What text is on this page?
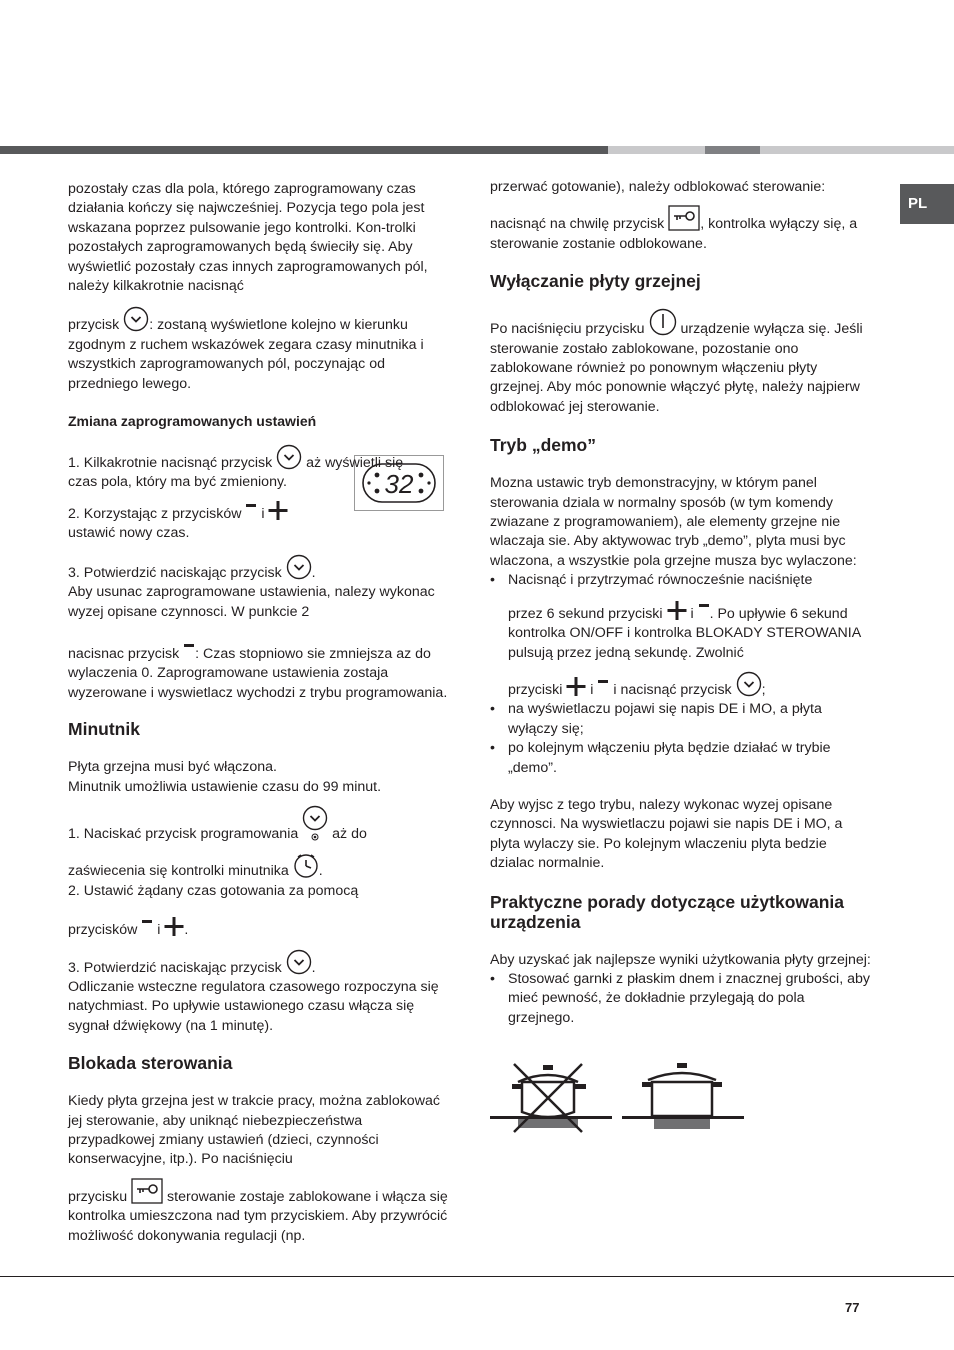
PL
32

pozostały czas dla pola, którego zaprogramowany czas działania kończy się najwcześniej. Pozycja tego pola jest wskazana poprzez pulsowanie jego kontrolki. Kon-trolki pozostałych zaprogramowanych będą świeciły się. Aby wyświetlić pozostały czas innych zaprogramowanych pól, należy kilkakrotnie nacisnąć

przycisk : zostaną wyświetlone kolejno w kierunku zgodnym z ruchem wskazówek zegara czasy minutnika i wszystkich zaprogramowanych pól, poczynając od przedniego lewego.

Zmiana zaprogramowanych ustawień

1. Kilkakrotnie nacisnąć przycisk aż wyświetli się czas pola, który ma być zmieniony.

2. Korzystając z przycisków i

ustawić nowy czas.

3. Potwierdzić naciskając przycisk .

Aby usunac zaprogramowane ustawienia, nalezy wykonac wyzej opisane czynnosci. W punkcie 2

nacisnac przycisk : Czas stopniowo sie zmniejsza az do wylaczenia 0. Zaprogramowane ustawienia zostaja wyzerowane i wyswietlacz wychodzi z trybu programowania.

Minutnik

Płyta grzejna musi być włączona.

Minutnik umożliwia ustawienie czasu do 99 minut.

1. Naciskać przycisk programowania aż do

zaświecenia się kontrolki minutnika .

2. Ustawić żądany czas gotowania za pomocą

przycisków i .

3. Potwierdzić naciskając przycisk .

Odliczanie wsteczne regulatora czasowego rozpoczyna się natychmiast. Po upływie ustawionego czasu włącza się sygnał dźwiękowy (na 1 minutę).

Blokada sterowania

Kiedy płyta grzejna jest w trakcie pracy, można zablokować jej sterowanie, aby uniknąć niebezpieczeństwa przypadkowej zmiany ustawień (dzieci, czynności konserwacyjne, itp.). Po naciśnięciu

przycisku	sterowanie zostaje zablokowane i włącza się kontrolka umieszczona nad tym przyciskiem. Aby przywrócić możliwość dokonywania regulacji (np.

przerwać gotowanie), należy odblokować sterowanie:

nacisnąć na chwilę przycisk	, kontrolka wyłączy się, a sterowanie zostanie odblokowane.

Wyłączanie płyty grzejnej

Po naciśnięciu przycisku	urządzenie wyłącza się. Jeśli sterowanie zostało zablokowane, pozostanie ono zablokowane również po ponownym włączeniu płyty grzejnej. Aby móc ponownie włączyć płytę, należy najpierw odblokować jej sterowanie.

Tryb „demo”

Mozna ustawic tryb demonstracyjny, w którym panel sterowania dziala w normalny sposób (w tym komendy zwiazane z programowaniem), ale elementy grzejne nie wlaczaja sie. Aby aktywowac tryb „demo”, plyta musi byc wlaczona, a wszystkie pola grzejne musza byc wylaczone:

• Nacisnąć i przytrzymać równocześnie naciśnięte
przez 6 sekund przyciski i . Po upływie 6 sekund kontrolka ON/OFF i kontrolka BLOKADY STEROWANIA pulsują przez jedną sekundę. Zwolnić
przyciski i i nacisnąć przycisk ;
• na wyświetlaczu pojawi się napis DE i MO, a płyta wyłączy się;
• po kolejnym włączeniu płyta będzie działać w trybie „demo”.

Aby wyjsc z tego trybu, nalezy wykonac wyzej opisane czynnosci. Na wyswietlaczu pojawi sie napis DE i MO, a plyta wylaczy sie. Po kolejnym wlaczeniu plyta bedzie dzialac normalnie.

Praktyczne porady dotyczące użytkowania urządzenia

Aby uzyskać jak najlepsze wyniki użytkowania płyty grzejnej:

• Stosować garnki z płaskim dnem i znacznej grubości, aby mieć pewność, że dokładnie przylegają do pola grzejnego.
77
